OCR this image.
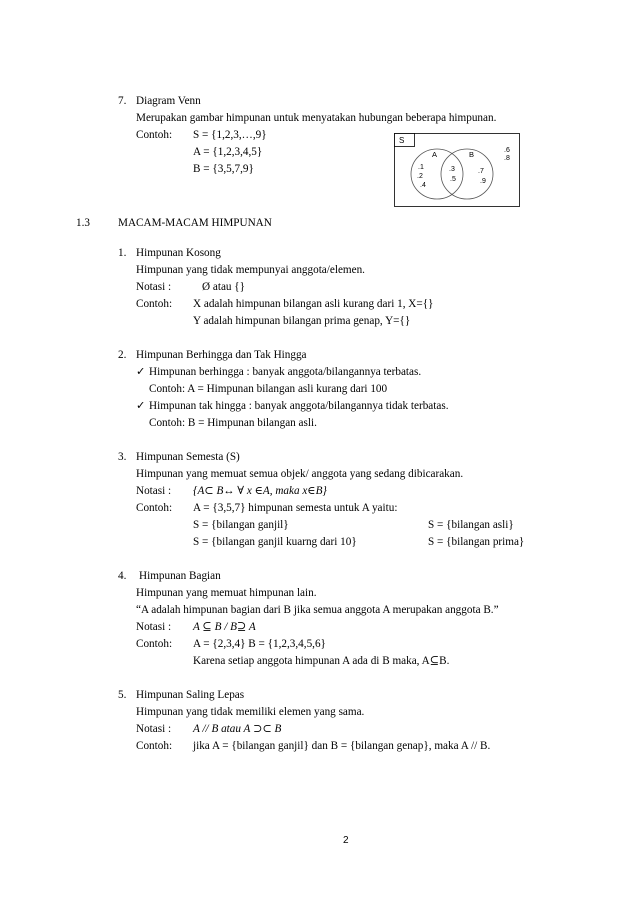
7. Diagram Venn
Merupakan gambar himpunan untuk menyatakan hubungan beberapa himpunan.
Contoh: S = {1,2,3,…,9}
A = {1,2,3,4,5}
B = {3,5,7,9}
S
A	B
.1
.2
.4
.3
.5
.7
.9
.6
.8
1.3	MACAM-MACAM HIMPUNAN
1. Himpunan Kosong
Himpunan yang tidak mempunyai anggota/elemen.
Notasi :	Ø atau {}
Contoh: X adalah himpunan bilangan asli kurang dari 1, X={}
Y adalah himpunan bilangan prima genap, Y={}
2. Himpunan Berhingga dan Tak Hingga
✓ Himpunan berhingga : banyak anggota/bilangannya terbatas.
Contoh: A = Himpunan bilangan asli kurang dari 100
✓ Himpunan tak hingga : banyak anggota/bilangannya tidak terbatas.
Contoh: B = Himpunan bilangan asli.
3. Himpunan Semesta (S)
Himpunan yang memuat semua objek/ anggota yang sedang dibicarakan.
Notasi : {A⊂ B↔ ∀ x ∈A, maka x∈B}
Contoh: A = {3,5,7} himpunan semesta untuk A yaitu:
S = {bilangan ganjil}	S = {bilangan asli}
S = {bilangan ganjil kuarng dari 10}	S = {bilangan prima}
4. Himpunan Bagian
Himpunan yang memuat himpunan lain.
“A adalah himpunan bagian dari B jika semua anggota A merupakan anggota B.”
Notasi : A ⊆ B / B⊇ A
Contoh: A = {2,3,4} B = {1,2,3,4,5,6}
Karena setiap anggota himpunan A ada di B maka, A⊆B.
5. Himpunan Saling Lepas
Himpunan yang tidak memiliki elemen yang sama.
Notasi : A // B atau A ⊃⊂ B
Contoh: jika A = {bilangan ganjil} dan B = {bilangan genap}, maka A // B.
2
